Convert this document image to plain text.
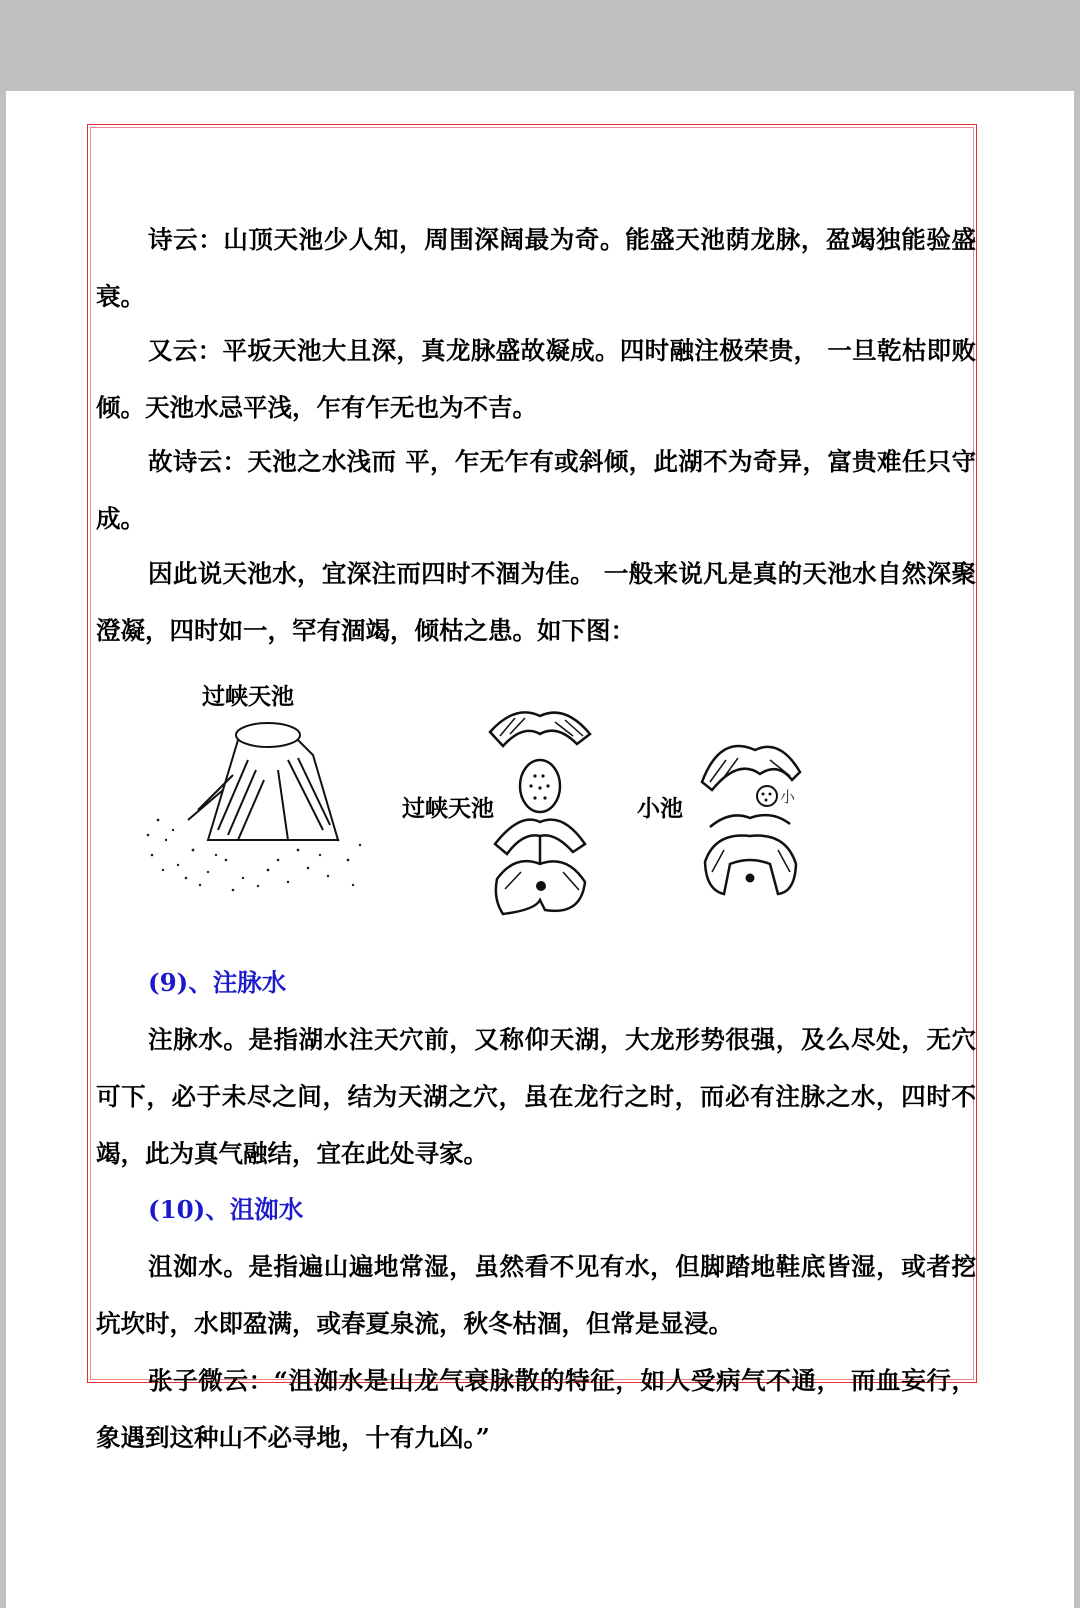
诗云：山顶天池少人知，周围深阔最为奇。能盛天池荫龙脉，盈竭独能验盛衰。

又云：平坂天池大且深，真龙脉盛故凝成。四时融注极荣贵， 一旦乾枯即败倾。天池水忌平浅，乍有乍无也为不吉。

故诗云：天池之水浅而 平，乍无乍有或斜倾，此湖不为奇异，富贵难任只守成。

因此说天池水，宜深注而四时不涸为佳。 一般来说凡是真的天池水自然深聚澄凝，四时如一，罕有涸竭，倾枯之患。如下图：

过峡天池
过峡天池	小池	小

(9)、注脉水

注脉水。是指湖水注天穴前，又称仰天湖，大龙形势很强，及么尽处，无穴可下，必于未尽之间，结为天湖之穴，虽在龙行之时，而必有注脉之水，四时不竭，此为真气融结，宜在此处寻家。

(10)、沮洳水

沮洳水。是指遍山遍地常湿，虽然看不见有水，但脚踏地鞋底皆湿，或者挖坑坎时，水即盈满，或春夏泉流，秋冬枯涸，但常是显浸。

张子微云：“沮洳水是山龙气衰脉散的特征，如人受病气不通， 而血妄行，象遇到这种山不必寻地，十有九凶。”
